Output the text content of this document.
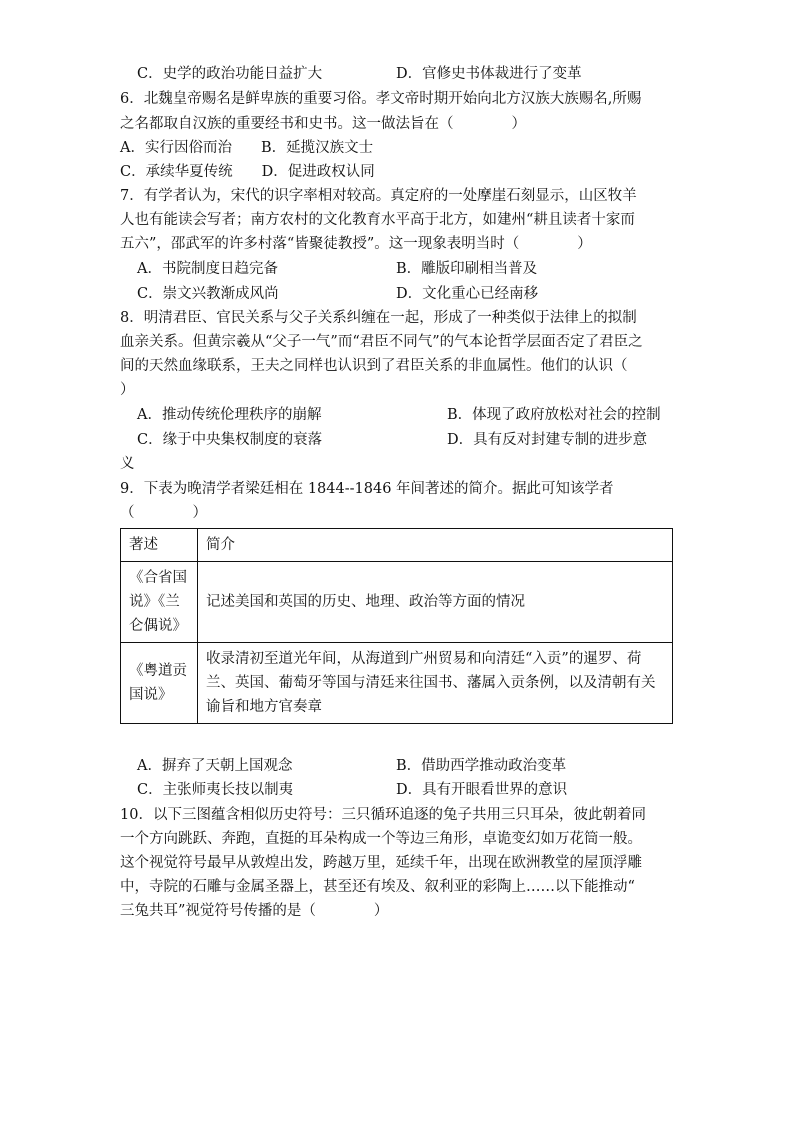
C．史学的政治功能日益扩大	D．官修史书体裁进行了变革
6．北魏皇帝赐名是鲜卑族的重要习俗。孝文帝时期开始向北方汉族大族赐名,所赐
之名都取自汉族的重要经书和史书。这一做法旨在（　　　　）
A．实行因俗而治　　B．延揽汉族文士
C．承续华夏传统　　D．促进政权认同
7．有学者认为，宋代的识字率相对较高。真定府的一处摩崖石刻显示，山区牧羊
人也有能读会写者；南方农村的文化教育水平高于北方，如建州“耕且读者十家而
五六”，邵武军的许多村落“皆聚徒教授”。这一现象表明当时（　　　　）
A．书院制度日趋完备	B．雕版印刷相当普及
C．崇文兴教渐成风尚	D．文化重心已经南移
8．明清君臣、官民关系与父子关系纠缠在一起，形成了一种类似于法律上的拟制
血亲关系。但黄宗羲从“父子一气”而“君臣不同气”的气本论哲学层面否定了君臣之
间的天然血缘联系，王夫之同样也认识到了君臣关系的非血属性。他们的认识（
）
A．推动传统伦理秩序的崩解	B．体现了政府放松对社会的控制
C．缘于中央集权制度的衰落	D．具有反对封建专制的进步意
义
9．下表为晚清学者梁廷相在 1844--1846 年间著述的简介。据此可知该学者
（　　　　）
著述	简介
《合省国说》《兰仑偶说》	记述美国和英国的历史、地理、政治等方面的情况
《粤道贡国说》	收录清初至道光年间，从海道到广州贸易和向清廷“入贡”的暹罗、荷兰、英国、葡萄牙等国与清廷来往国书、藩属入贡条例，以及清朝有关谕旨和地方官奏章
A．摒弃了天朝上国观念	B．借助西学推动政治变革
C．主张师夷长技以制夷	D．具有开眼看世界的意识
10．以下三图蕴含相似历史符号：三只循环追逐的兔子共用三只耳朵，彼此朝着同
一个方向跳跃、奔跑，直挺的耳朵构成一个等边三角形，卓诡变幻如万花筒一般。
这个视觉符号最早从敦煌出发，跨越万里，延续千年，出现在欧洲教堂的屋顶浮雕
中，寺院的石雕与金属圣器上，甚至还有埃及、叙利亚的彩陶上……以下能推动“
三兔共耳”视觉符号传播的是（　　　　）
